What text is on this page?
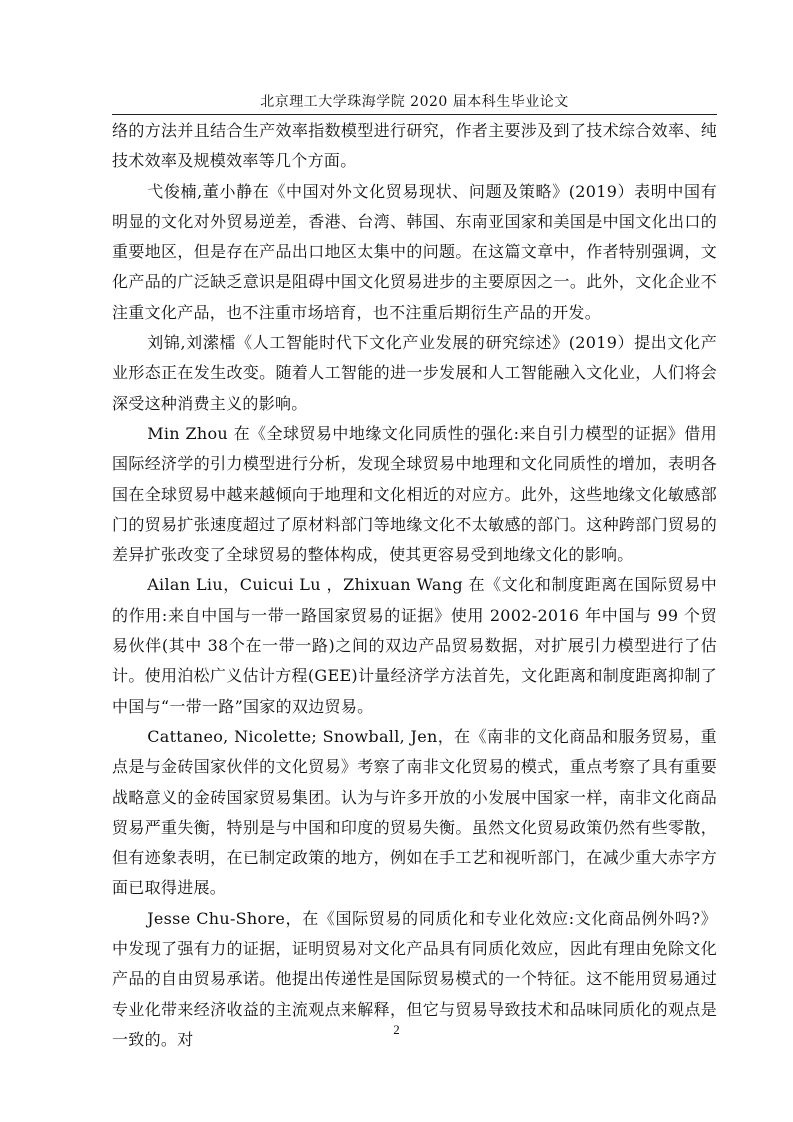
北京理工大学珠海学院 2020 届本科生毕业论文

络的方法并且结合生产效率指数模型进行研究，作者主要涉及到了技术综合效率、纯技术效率及规模效率等几个方面。

弋俊楠,董小静在《中国对外文化贸易现状、问题及策略》(2019）表明中国有明显的文化对外贸易逆差，香港、台湾、韩国、东南亚国家和美国是中国文化出口的重要地区，但是存在产品出口地区太集中的问题。在这篇文章中，作者特别强调，文化产品的广泛缺乏意识是阻碍中国文化贸易进步的主要原因之一。此外，文化企业不注重文化产品，也不注重市场培育，也不注重后期衍生产品的开发。

刘锦,刘潆檑《人工智能时代下文化产业发展的研究综述》(2019）提出文化产业形态正在发生改变。随着人工智能的进一步发展和人工智能融入文化业，人们将会深受这种消费主义的影响。

Min Zhou 在《全球贸易中地缘文化同质性的强化:来自引力模型的证据》借用国际经济学的引力模型进行分析，发现全球贸易中地理和文化同质性的增加，表明各国在全球贸易中越来越倾向于地理和文化相近的对应方。此外，这些地缘文化敏感部门的贸易扩张速度超过了原材料部门等地缘文化不太敏感的部门。这种跨部门贸易的差异扩张改变了全球贸易的整体构成，使其更容易受到地缘文化的影响。

Ailan Liu，Cuicui Lu ，Zhixuan Wang 在《文化和制度距离在国际贸易中的作用:来自中国与一带一路国家贸易的证据》使用 2002-2016 年中国与 99 个贸易伙伴(其中 38个在一带一路)之间的双边产品贸易数据，对扩展引力模型进行了估计。使用泊松广义估计方程(GEE)计量经济学方法首先，文化距离和制度距离抑制了中国与“一带一路”国家的双边贸易。

Cattaneo, Nicolette; Snowball, Jen，在《南非的文化商品和服务贸易，重点是与金砖国家伙伴的文化贸易》考察了南非文化贸易的模式，重点考察了具有重要战略意义的金砖国家贸易集团。认为与许多开放的小发展中国家一样，南非文化商品贸易严重失衡，特别是与中国和印度的贸易失衡。虽然文化贸易政策仍然有些零散，但有迹象表明，在已制定政策的地方，例如在手工艺和视听部门，在减少重大赤字方面已取得进展。

Jesse Chu-Shore，在《国际贸易的同质化和专业化效应:文化商品例外吗?》中发现了强有力的证据，证明贸易对文化产品具有同质化效应，因此有理由免除文化产品的自由贸易承诺。他提出传递性是国际贸易模式的一个特征。这不能用贸易通过专业化带来经济收益的主流观点来解释，但它与贸易导致技术和品味同质化的观点是一致的。对

2
